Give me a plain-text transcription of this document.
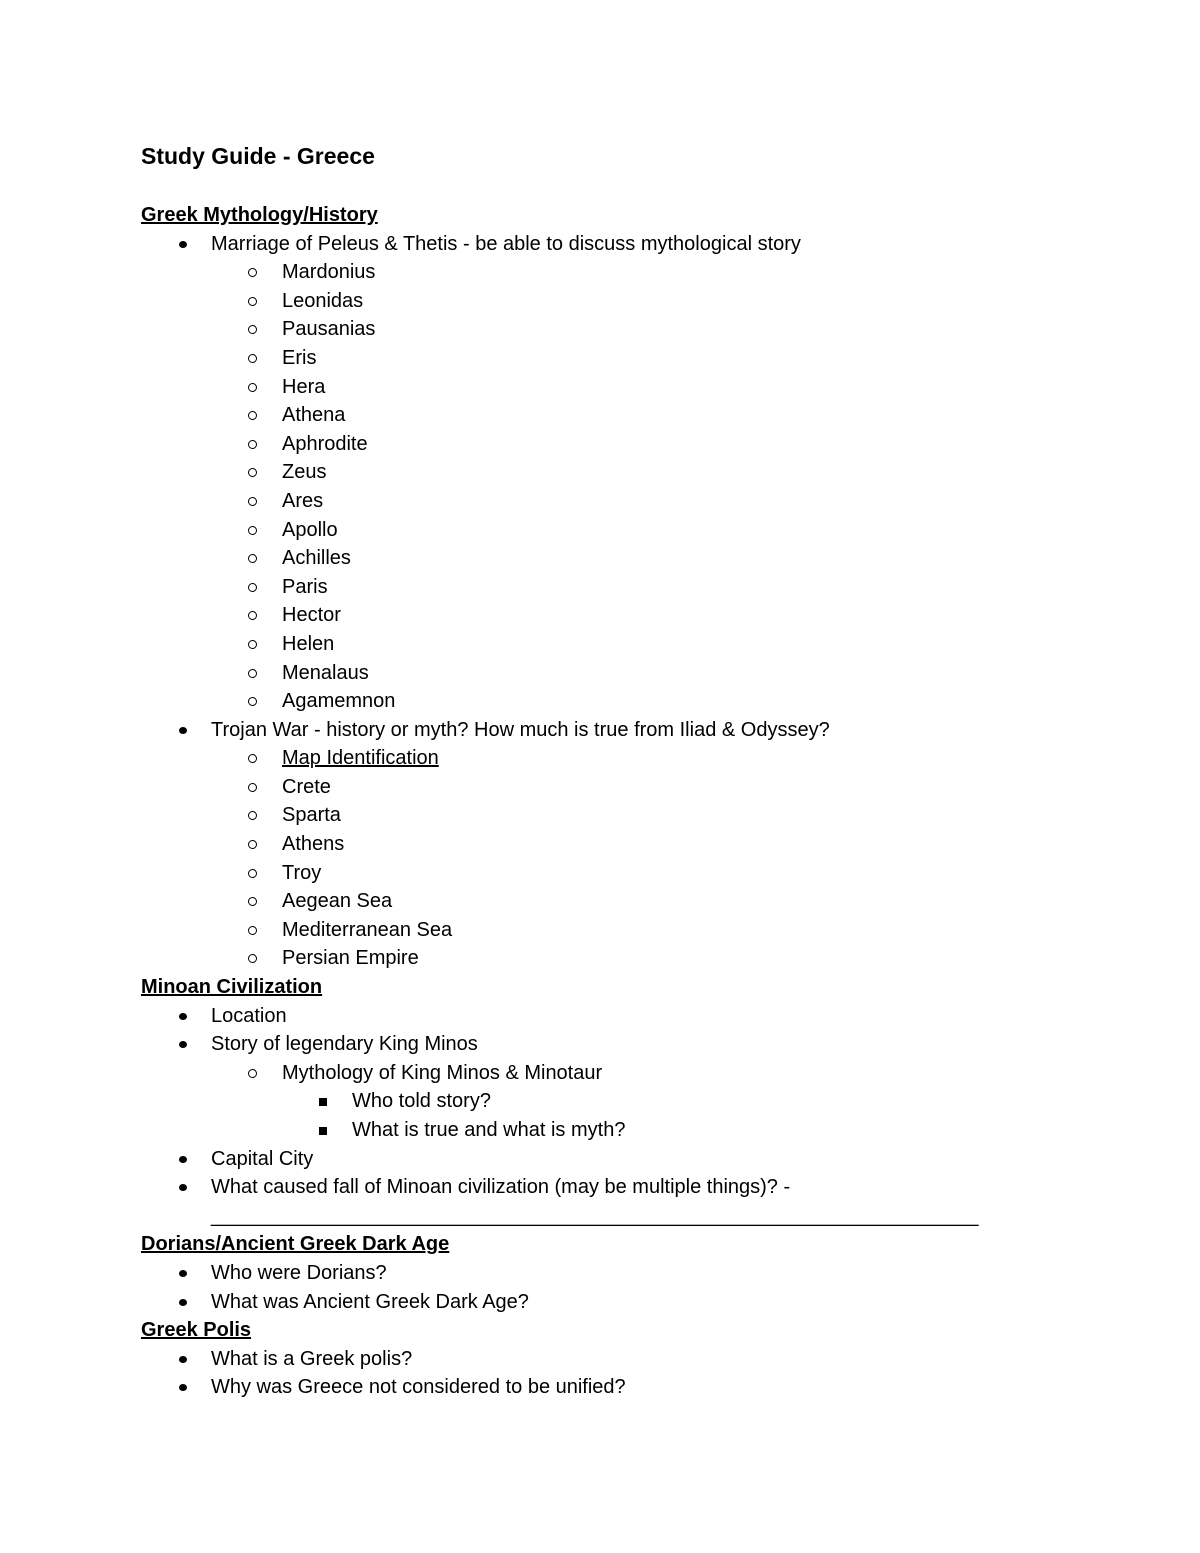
Study Guide - Greece
Greek Mythology/History
Marriage of Peleus & Thetis - be able to discuss mythological story
Mardonius
Leonidas
Pausanias
Eris
Hera
Athena
Aphrodite
Zeus
Ares
Apollo
Achilles
Paris
Hector
Helen
Menalaus
Agamemnon
Trojan War - history or myth? How much is true from Iliad & Odyssey?
Map Identification
Crete
Sparta
Athens
Troy
Aegean Sea
Mediterranean Sea
Persian Empire
Minoan Civilization
Location
Story of legendary King Minos
Mythology of King Minos & Minotaur
Who told story?
What is true and what is myth?
Capital City
What caused fall of Minoan civilization (may be multiple things)? -
_____________________________________________________________________
Dorians/Ancient Greek Dark Age
Who were Dorians?
What was Ancient Greek Dark Age?
Greek Polis
What is a Greek polis?
Why was Greece not considered to be unified?
